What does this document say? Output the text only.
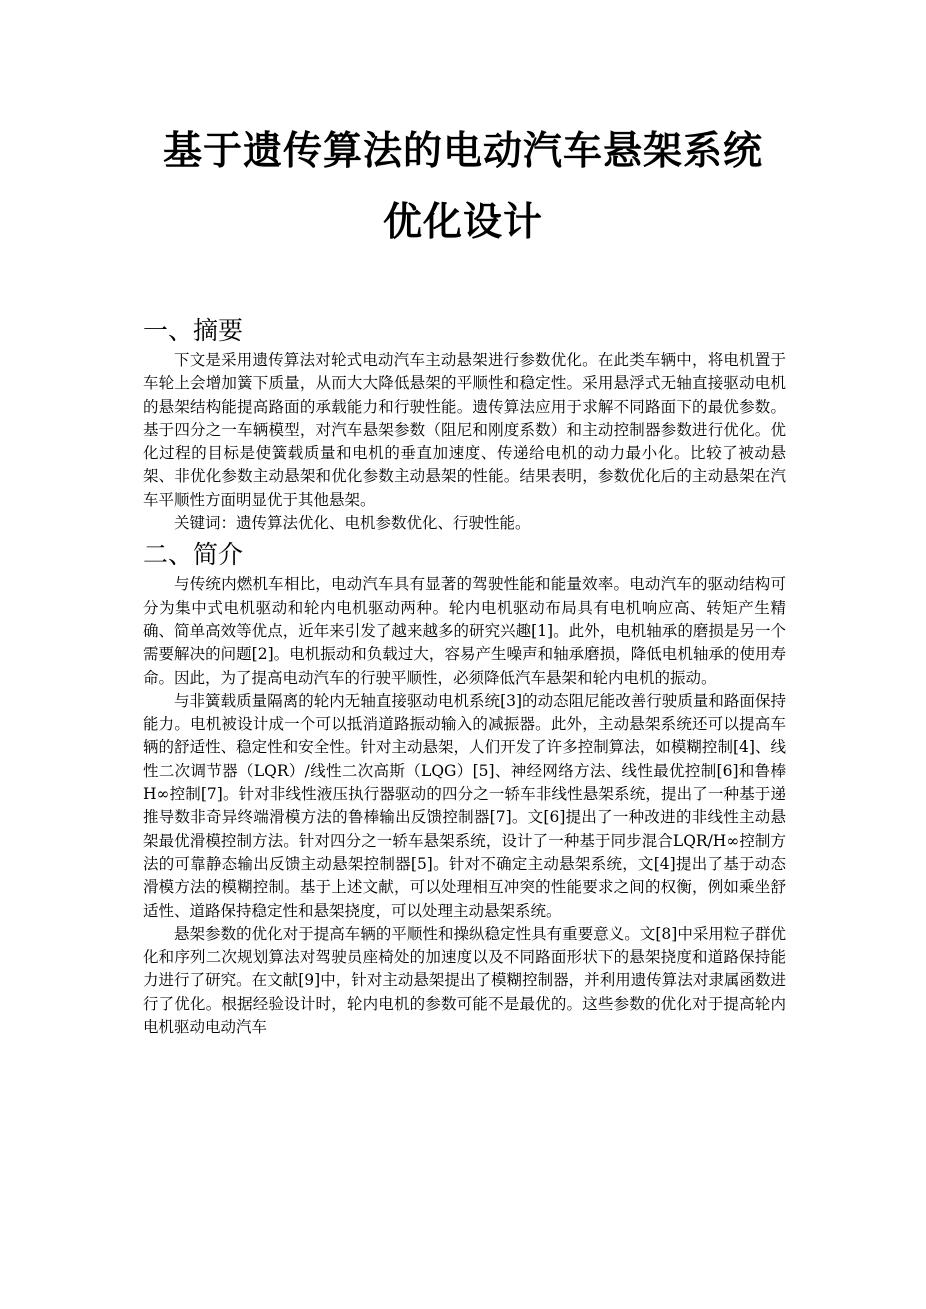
基于遗传算法的电动汽车悬架系统
优化设计
一、摘要

下文是采用遗传算法对轮式电动汽车主动悬架进行参数优化。在此类车辆中，将电机置于车轮上会增加簧下质量，从而大大降低悬架的平顺性和稳定性。采用悬浮式无轴直接驱动电机的悬架结构能提高路面的承载能力和行驶性能。遗传算法应用于求解不同路面下的最优参数。基于四分之一车辆模型，对汽车悬架参数（阻尼和刚度系数）和主动控制器参数进行优化。优化过程的目标是使簧载质量和电机的垂直加速度、传递给电机的动力最小化。比较了被动悬架、非优化参数主动悬架和优化参数主动悬架的性能。结果表明，参数优化后的主动悬架在汽车平顺性方面明显优于其他悬架。

关键词：遗传算法优化、电机参数优化、行驶性能。

二、简介

与传统内燃机车相比，电动汽车具有显著的驾驶性能和能量效率。电动汽车的驱动结构可分为集中式电机驱动和轮内电机驱动两种。轮内电机驱动布局具有电机响应高、转矩产生精确、简单高效等优点，近年来引发了越来越多的研究兴趣[1]。此外，电机轴承的磨损是另一个需要解决的问题[2]。电机振动和负载过大，容易产生噪声和轴承磨损，降低电机轴承的使用寿命。因此，为了提高电动汽车的行驶平顺性，必须降低汽车悬架和轮内电机的振动。

与非簧载质量隔离的轮内无轴直接驱动电机系统[3]的动态阻尼能改善行驶质量和路面保持能力。电机被设计成一个可以抵消道路振动输入的减振器。此外，主动悬架系统还可以提高车辆的舒适性、稳定性和安全性。针对主动悬架，人们开发了许多控制算法，如模糊控制[4]、线性二次调节器（LQR）/线性二次高斯（LQG）[5]、神经网络方法、线性最优控制[6]和鲁棒 H∞控制[7]。针对非线性液压执行器驱动的四分之一轿车非线性悬架系统，提出了一种基于递推导数非奇异终端滑模方法的鲁棒输出反馈控制器[7]。文[6]提出了一种改进的非线性主动悬架最优滑模控制方法。针对四分之一轿车悬架系统，设计了一种基于同步混合LQR/H∞控制方法的可靠静态输出反馈主动悬架控制器[5]。针对不确定主动悬架系统，文[4]提出了基于动态滑模方法的模糊控制。基于上述文献，可以处理相互冲突的性能要求之间的权衡，例如乘坐舒适性、道路保持稳定性和悬架挠度，可以处理主动悬架系统。

悬架参数的优化对于提高车辆的平顺性和操纵稳定性具有重要意义。文[8]中采用粒子群优化和序列二次规划算法对驾驶员座椅处的加速度以及不同路面形状下的悬架挠度和道路保持能力进行了研究。在文献[9]中，针对主动悬架提出了模糊控制器，并利用遗传算法对隶属函数进行了优化。根据经验设计时，轮内电机的参数可能不是最优的。这些参数的优化对于提高轮内电机驱动电动汽车
